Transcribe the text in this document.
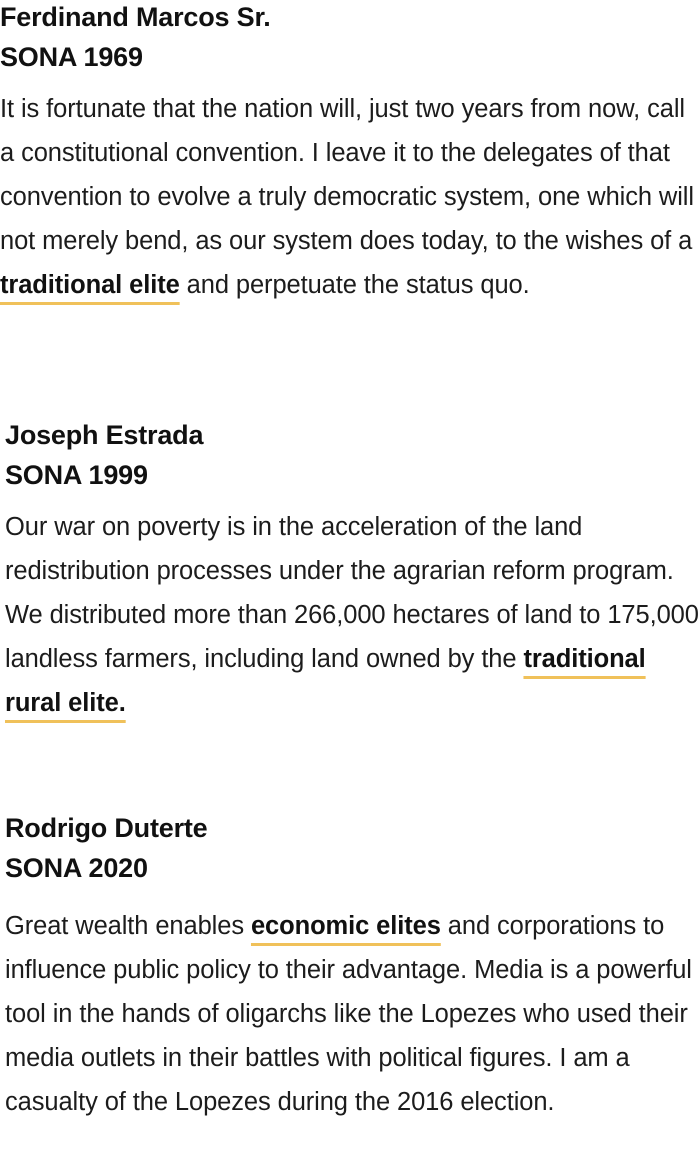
Ferdinand Marcos Sr.
SONA 1969

It is fortunate that the nation will, just two years from now, call a constitutional convention. I leave it to the delegates of that convention to evolve a truly democratic system, one which will not merely bend, as our system does today, to the wishes of a traditional elite and perpetuate the status quo.

Joseph Estrada
SONA 1999

Our war on poverty is in the acceleration of the land redistribution processes under the agrarian reform program. We distributed more than 266,000 hectares of land to 175,000 landless farmers, including land owned by the traditional rural elite.

Rodrigo Duterte
SONA 2020

Great wealth enables economic elites and corporations to influence public policy to their advantage. Media is a powerful tool in the hands of oligarchs like the Lopezes who used their media outlets in their battles with political figures. I am a casualty of the Lopezes during the 2016 election.
